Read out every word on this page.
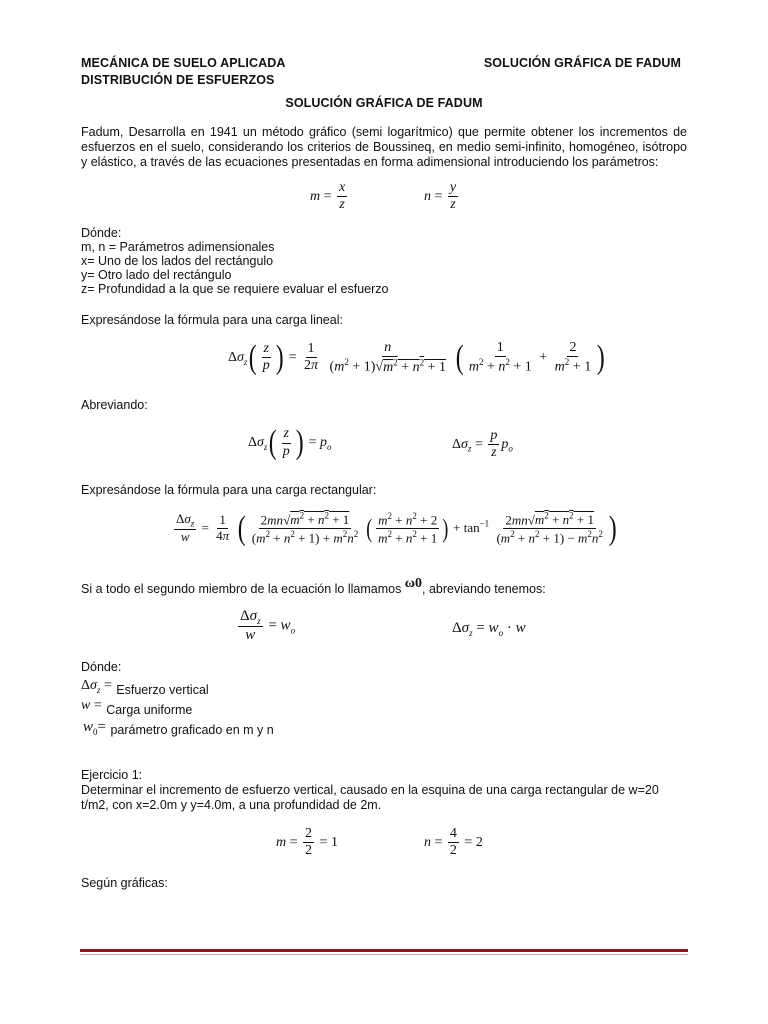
MECÁNICA DE SUELO APLICADA
DISTRIBUCIÓN DE ESFUERZOS
SOLUCIÓN GRÁFICA DE FADUM
SOLUCIÓN GRÁFICA DE FADUM
Fadum, Desarrolla en 1941 un método gráfico (semi logarítmico) que permite obtener los incrementos de esfuerzos en el suelo, considerando los criterios de Boussineq, en medio semi-infinito, homogéneo, isótropo y elástico, a través de las ecuaciones presentadas en forma adimensional introduciendo los parámetros:
$m = \frac{x}{z}$	$n = \frac{y}{z}$
Dónde:
m, n = Parámetros adimensionales
x= Uno de los lados del rectángulo
y= Otro lado del rectángulo
z= Profundidad a la que se requiere evaluar el esfuerzo
Expresándose la fórmula para una carga lineal:
$\Delta\sigma_z( \frac{z}{p}$ ) = $\frac{1}{2\pi}$
$\frac{n}{(m^2 + 1)√m^2 + n^2 + 1}$ ( $\frac{1}{m^2 + n^2 + 1} + \frac{2}{m^2 + 1}$ )
Abreviando:
$\Delta\sigma_z( \frac{z}{p}$ ) = $p_o$	$\Delta\sigma_z = \frac{p}{z} p_o$
Expresándose la fórmula para una carga rectangular:
$\frac{\Delta\sigma_z}{w} = \frac{1}{4\pi}$ ( $\frac{2mn√m^2 + n^2 + 1}{(m^2 + n^2 + 1) + m^2n^2}$ ( $\frac{m^2 + n^2 + 2}{m^2 + n^2 + 1}$ ) + $\tan^{-1} \frac{2mn√m^2 + n^2 + 1}{(m^2 + n^2 + 1) - m^2n^2}$ )
Si a todo el segundo miembro de la ecuación lo llamamos ω0, abreviando tenemos:
$\frac{\Delta\sigma_z}{w} = w_o$	$\Delta\sigma_z = w_o \cdot w$
Dónde:
$\Delta\sigma_z = _{Esfuerzo vertical}$
w = $_{Carga uniforme}$
$w_0=$ parámetro graficado en m y n
Ejercicio 1:
Determinar el incremento de esfuerzo vertical, causado en la esquina de una carga rectangular de w=20 t/m2, con x=2.0m y y=4.0m, a una profundidad de 2m.
$m = \frac{2}{2} = 1$	$n = \frac{4}{2} = 2$
Según gráficas:
